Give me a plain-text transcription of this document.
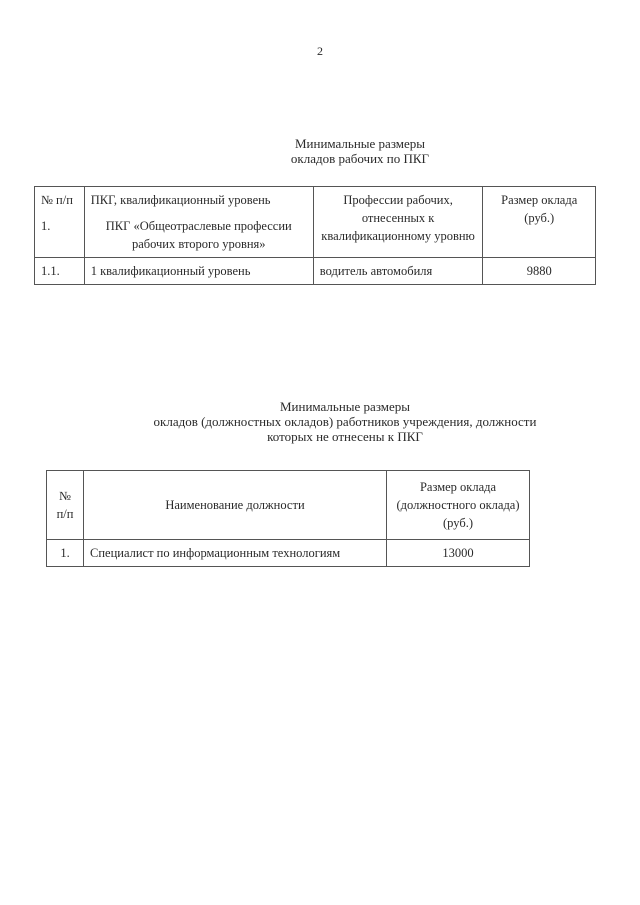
2
Минимальные размеры
окладов рабочих по ПКГ
№ п/п	ПКГ, квалификационный уровень	Профессии рабочих, отнесенных к квалификационному уровню	Размер оклада (руб.)
1.	ПКГ «Общеотраслевые профессии рабочих второго уровня»		
1.1.	1 квалификационный уровень	водитель автомобиля	9880
Минимальные размеры
окладов (должностных окладов) работников учреждения, должности
которых не отнесены к ПКГ
№ п/п	Наименование должности	Размер оклада (должностного оклада) (руб.)
1.	Специалист по информационным технологиям	13000
